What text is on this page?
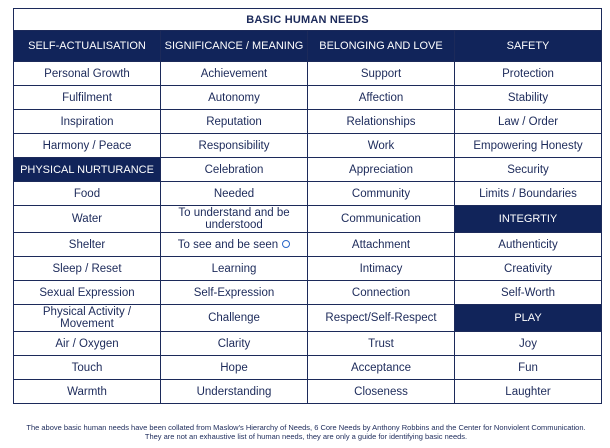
BASIC HUMAN NEEDS			
SELF-ACTUALISATION	SIGNIFICANCE / MEANING	BELONGING AND LOVE	SAFETY
Personal Growth	Achievement	Support	Protection
Fulfilment	Autonomy	Affection	Stability
Inspiration	Reputation	Relationships	Law / Order
Harmony / Peace	Responsibility	Work	Empowering Honesty
PHYSICAL NURTURANCE	Celebration	Appreciation	Security
Food	Needed	Community	Limits / Boundaries
Water	To understand and be understood	Communication	INTEGRTIY
Shelter	To see and be seen	Attachment	Authenticity
Sleep / Reset	Learning	Intimacy	Creativity
Sexual Expression	Self-Expression	Connection	Self-Worth
Physical Activity / Movement	Challenge	Respect/Self-Respect	PLAY
Air / Oxygen	Clarity	Trust	Joy
Touch	Hope	Acceptance	Fun
Warmth	Understanding	Closeness	Laughter
The above basic human needs have been collated from Maslow's Hierarchy of Needs, 6 Core Needs by Anthony Robbins and the Center for Nonviolent Communication. They are not an exhaustive list of human needs, they are only a guide for identifying basic needs.
